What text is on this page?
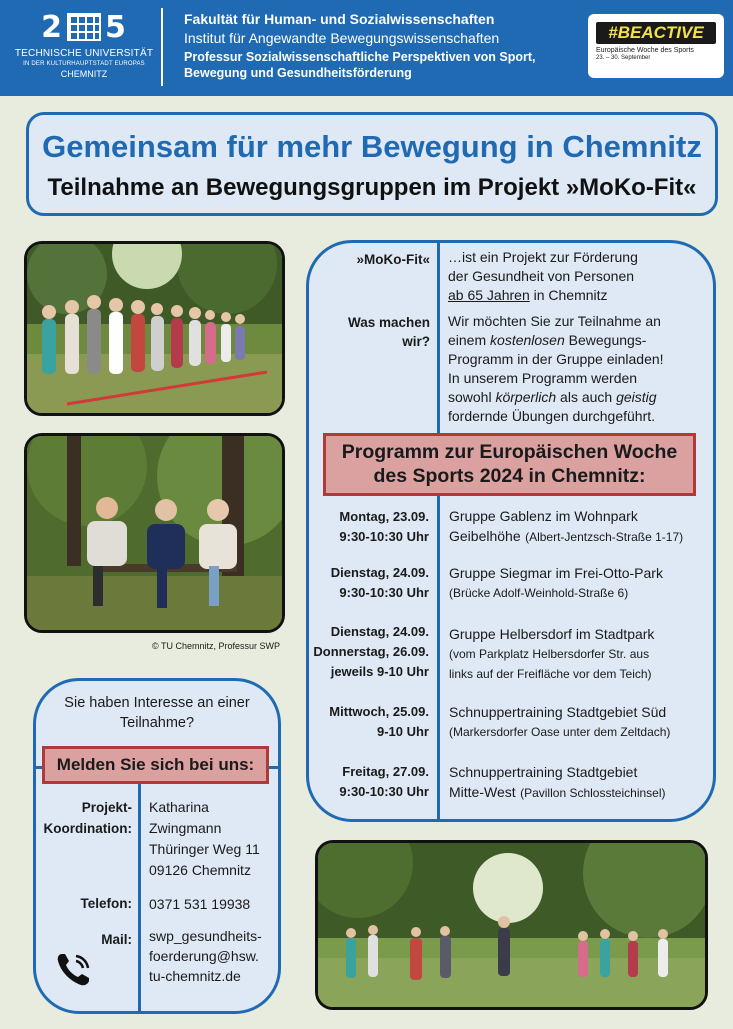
2 5
TECHNISCHE UNIVERSITÄT
IN DER KULTURHAUPTSTADT EUROPAS
CHEMNITZ
Fakultät für Human- und Sozialwissenschaften
Institut für Angewandte Bewegungswissenschaften
Professur Sozialwissenschaftliche Perspektiven von Sport,
Bewegung und Gesundheitsförderung
#BEACTIVE
Europäische Woche des Sports
23. – 30. September
Gemeinsam für mehr Bewegung in Chemnitz
Teilnahme an Bewegungsgruppen im Projekt »MoKo-Fit«
© TU Chemnitz, Professur SWP
»MoKo-Fit« …ist ein Projekt zur Förderung
der Gesundheit von Personen
ab 65 Jahren in Chemnitz
Was machen
wir?
Wir möchten Sie zur Teilnahme an
einem kostenlosen Bewegungs-
Programm in der Gruppe einladen!
In unserem Programm werden
sowohl körperlich als auch geistig
fordernde Übungen durchgeführt.
Programm zur Europäischen Woche
des Sports 2024 in Chemnitz:
Montag, 23.09.
9:30-10:30 Uhr
Gruppe Gablenz im Wohnpark
Geibelhöhe (Albert-Jentzsch-Straße 1-17)
Dienstag, 24.09.
9:30-10:30 Uhr
Gruppe Siegmar im Frei-Otto-Park
(Brücke Adolf-Weinhold-Straße 6)
Dienstag, 24.09.
Donnerstag, 26.09.
jeweils 9-10 Uhr
Gruppe Helbersdorf im Stadtpark
(vom Parkplatz Helbersdorfer Str. aus
links auf der Freifläche vor dem Teich)
Mittwoch, 25.09.
9-10 Uhr
Schnuppertraining Stadtgebiet Süd
(Markersdorfer Oase unter dem Zeltdach)
Freitag, 27.09.
9:30-10:30 Uhr
Schnuppertraining Stadtgebiet
Mitte-West (Pavillon Schlossteichinsel)
Sie haben Interesse an einer
Teilnahme?
Melden Sie sich bei uns:
Projekt-
Koordination:
Katharina
Zwingmann
Thüringer Weg 11
09126 Chemnitz
Telefon: 0371 531 19938
Mail: swp_gesundheits-
foerderung@hsw.
tu-chemnitz.de
